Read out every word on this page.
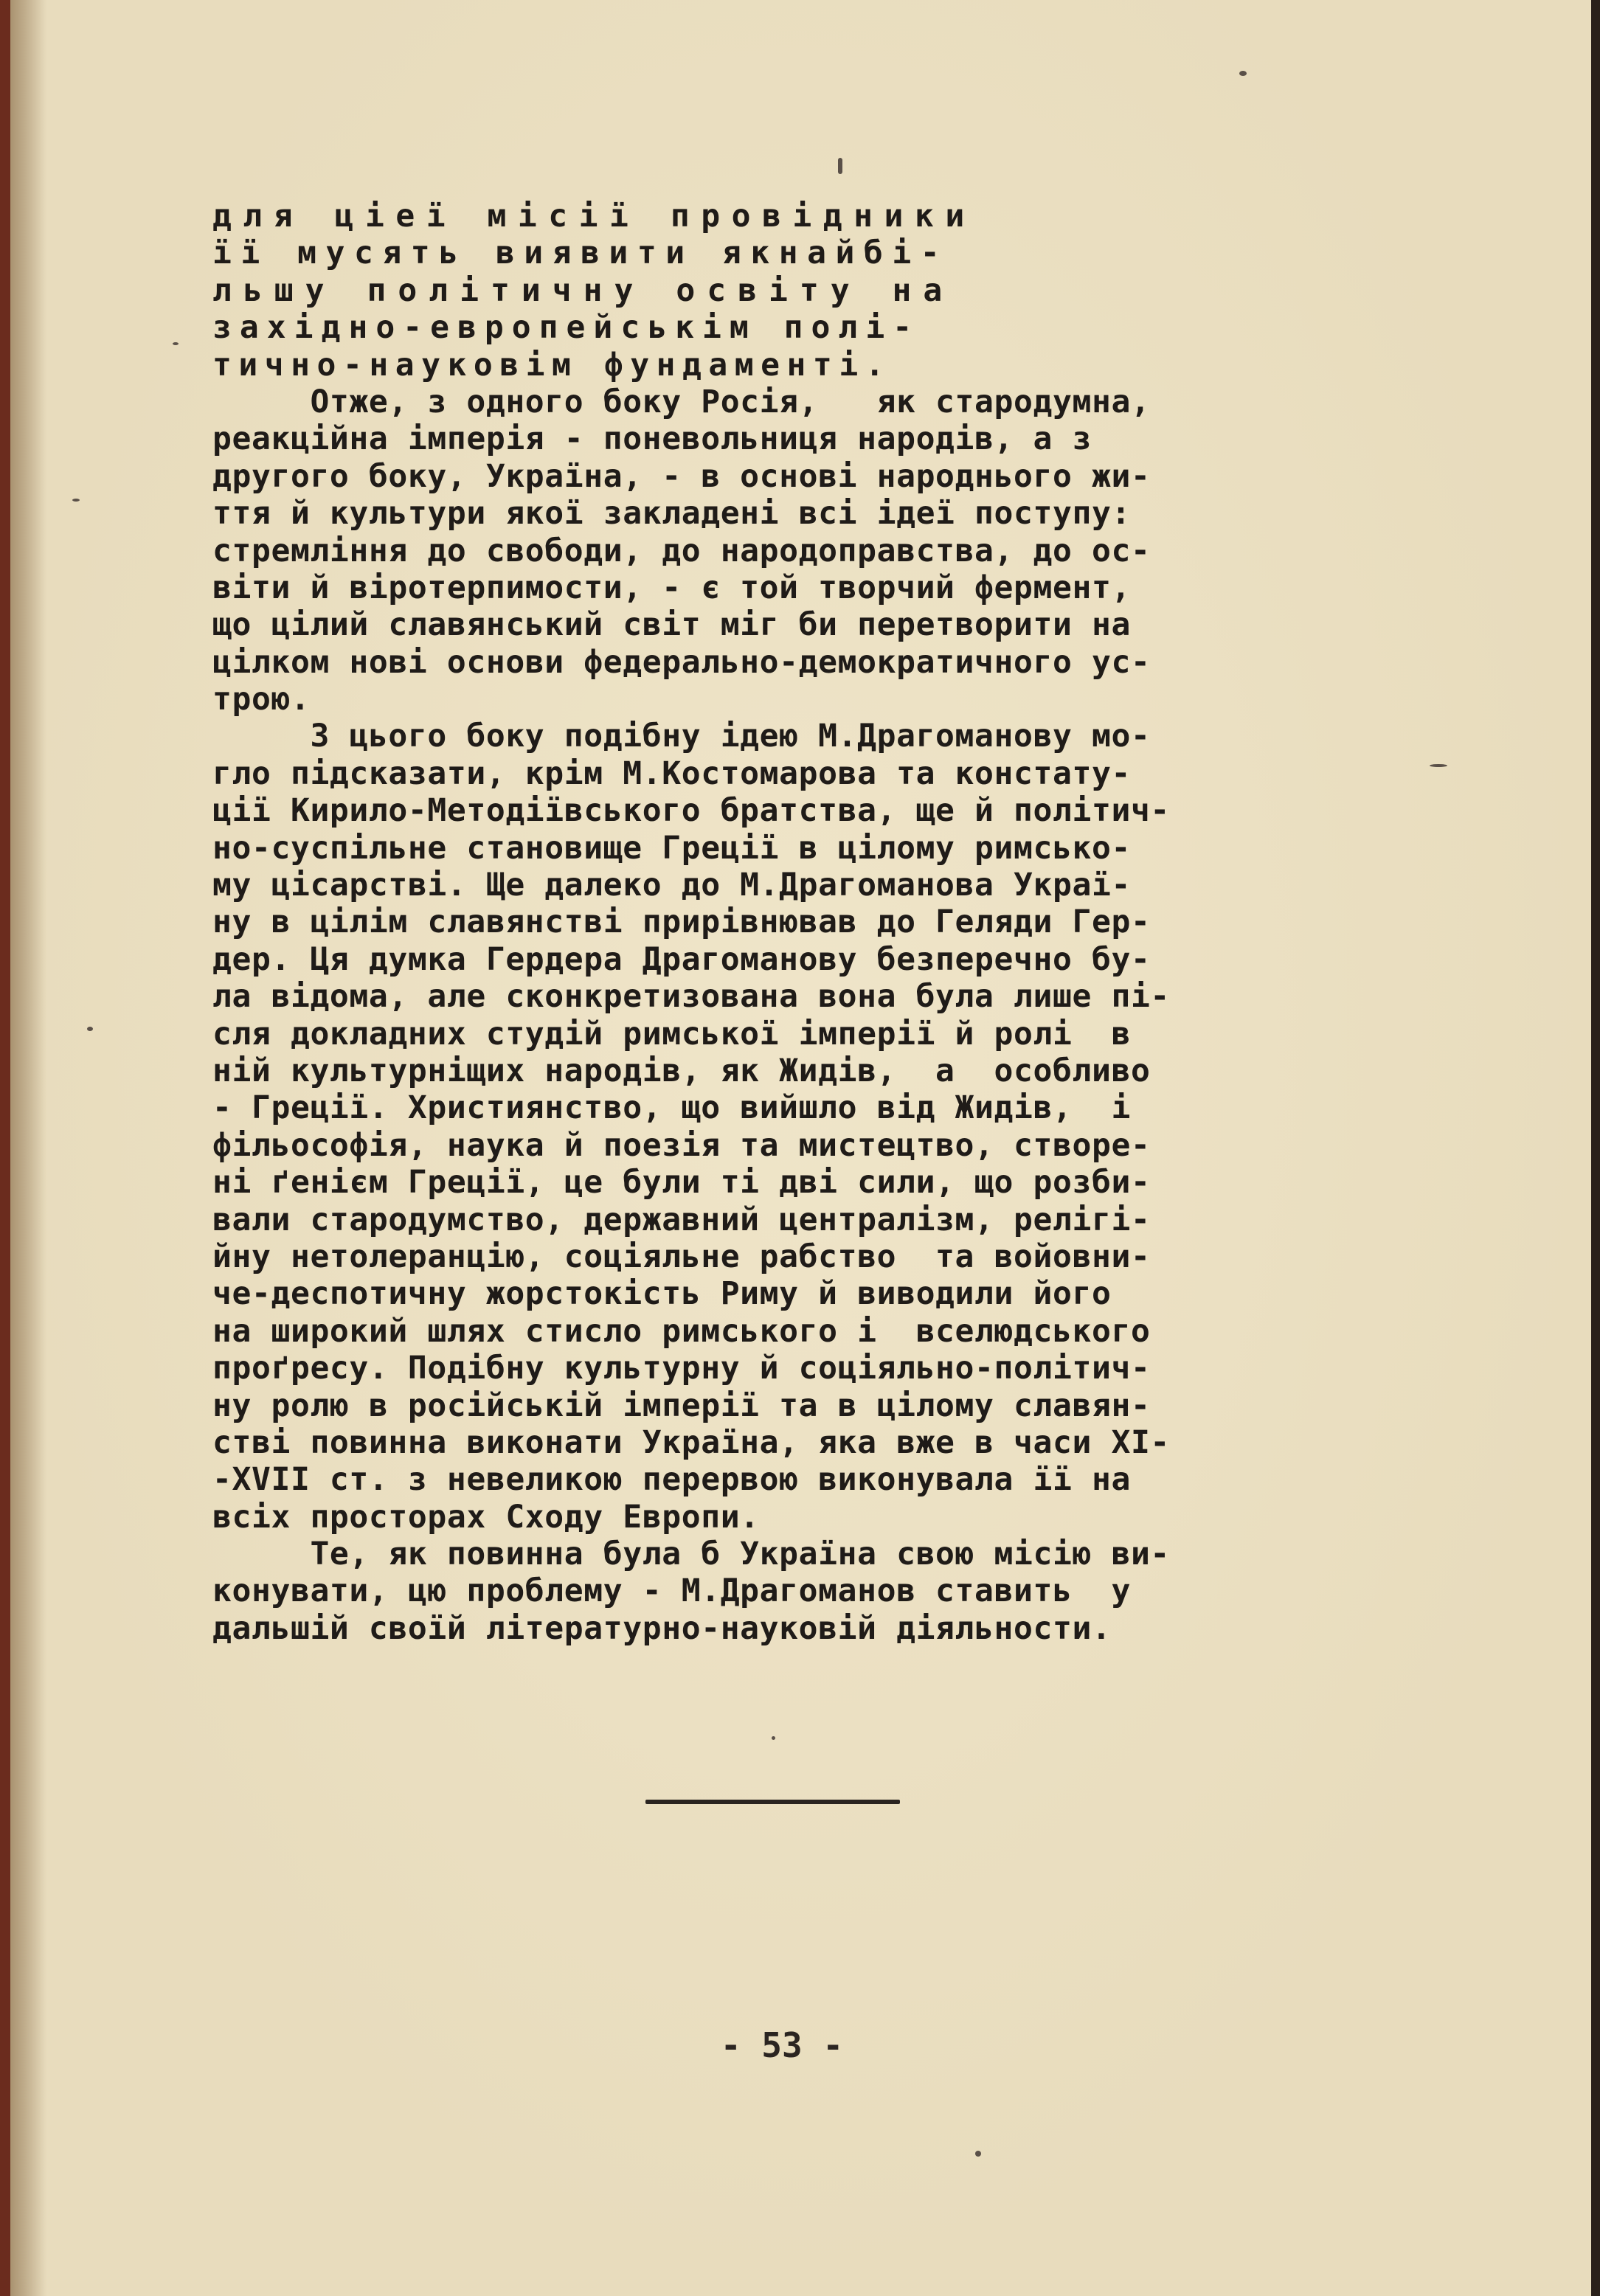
для ціеї місії провідники
її мусять виявити якнайбі-
льшу політичну освіту на
західно-европейськім полі-
тично-науковім фундаменті.
Отже, з одного боку Росія,   як стародумна,
реакційна імперія - поневольниця народів, а з
другого боку, Україна, - в основі народнього жи-
ття й культури якої закладені всі ідеї поступу:
стремління до свободи, до народоправства, до ос-
віти й віротерпимости, - є той творчий фермент,
що цілий славянський світ міг би перетворити на
цілком нові основи федерально-демократичного ус-
трою.
З цього боку подібну ідею М.Драгоманову мо-
гло підсказати, крім М.Костомарова та констату-
ції Кирило-Методіївського братства, ще й політич-
но-суспільне становище Греції в цілому римсько-
му цісарстві. Ще далеко до М.Драгоманова Украї-
ну в цілім славянстві прирівнював до Геляди Гер-
дер. Ця думка Гердера Драгоманову безперечно бу-
ла відома, але сконкретизована вона була лише пі-
сля докладних студій римської імперії й ролі  в
ній культурніщих народів, як Жидів,  а  особливо
- Греції. Християнство, що вийшло від Жидів,  і
фільософія, наука й поезія та мистецтво, створе-
ні ґенієм Греції, це були ті дві сили, що розби-
вали стародумство, державний централізм, релігі-
йну нетолеранцію, соціяльне рабство  та войовни-
че-деспотичну жорстокість Риму й виводили його
на широкий шлях стисло римського і  вселюдського
проґресу. Подібну культурну й соціяльно-політич-
ну ролю в російській імперії та в цілому славян-
стві повинна виконати Україна, яка вже в часи XI-
-XVII ст. з невеликою перервою виконувала її на
всіх просторах Сходу Европи.
Те, як повинна була б Україна свою місію ви-
конувати, цю проблему - М.Драгоманов ставить  у
дальшій своїй літературно-науковій діяльности.
- 53 -
